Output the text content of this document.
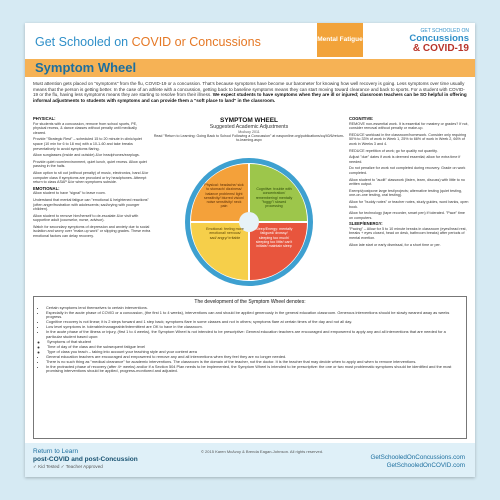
Get Schooled on COVID or Concussions	Mental Fatigue
GET SCHOOLED ON
Concussions
& COVID-19
Symptom Wheel
Must attention gets placed on "symptoms" from the flu, COVID-19 or a concussion. That's because symptoms have become our barometer for knowing how well recovery is going. Less symptoms over time usually means that the person is getting better. In the case of an athlete with a concussion, getting back to baseline symptoms means they can start moving toward clearance and back to sports. For a student with COVID-19 or the flu, having less symptoms means they are starting to resolve from their illness. We expect students to have symptoms when they are ill or injured; classroom teachers can be SO helpful in offering informal adjustments to students with symptoms and can provide them a "soft place to land" in the classroom.
PHYSICAL:
For students with a concussion, remove from school sports, PE, physical recess, & dance classes without penalty until medically cleared.
Provide "Strategic Rest" – scheduled 15 to 20 minute in clinic/quiet space (10 min for 6 to 18 mo) with a 10-1-60 and take breaks preventatively to avoid symptoms flaring.
Allow sunglasses (inside and outside) &/or headphones/earplugs.
Provide quiet room/environment, quiet lunch, quiet recess. Allow quiet passing in the halls.
Allow option to sit out (without penalty) of music, electronics, band &/or computer class if symptoms are provoked or try headphones. Attempt return to class ASAP &/or when symptoms subside.
EMOTIONAL:
Allow student to have "signal" to leave room.
Understand that mental fatigue can "emotional & heightened reactions" (often anger/frustration with adolescents; sad/crying with younger children).
Allow student to remove him/herself to de-escalate &/or visit with supportive adult (counselor, nurse, advisor).
Watch for secondary symptoms of depression and anxiety due to social isolation and worry over "make-up work" or slipping grades. These extra emotional factors can delay recovery.
SYMPTOM WHEEL
Suggested Academic Adjustments
McAvoy 2011
Read "Return to Learning: Going Back to School Following a Concussion" at nasponline.org/publications/cq/40/6/return-to-learning.aspx
Physical: headache/ sick to stomach/ dizziness/ balance problems/ light sensitivity/ blurred vision/ noise sensitivity/ neck pain
Cognitive: trouble with concentration/ remembering/ mentally "foggy"/ slowed processing
Emotional: feeling more emotional/ nervous/ sad/ angry/ irritable
Sleep/Energy: mentally fatigued/ drowsy/ sleeping too much/ sleeping too little/ can't initiate/ maintain sleep
COGNITIVE:
REMOVE non-essential work. It is essential for mastery or grades? If not, consider removal without penalty or make-up.
REDUCE workload in the classroom/homework. Consider only requiring 50% to 33% of work in Week 1, 25% to 66% of work in Week 2, 66% of work in Weeks 3 and 4.
REDUCE repetition of work; go for quality not quantity.
Adjust "due" dates if work is deemed essential; allow for extra time if needed.
Do not penalize for work not completed during recovery. Grade on work completed.
Allow student to "audit" classwork (listen, learn, discuss) with little to no written output.
Exempt/postpone large test/projects; alternative testing (quiet testing, one-on-one testing, oral testing).
Allow for "buddy notes" or teacher notes, study guides, word banks, open book.
Allow for technology (tape recorder, smart pen) if tolerated. "Pace" time on computers.
SLEEP/ENERGY:
"Pacing" – Allow for 5 to 10 minute breaks in classroom (eyes/head rest, breaks + eyes closed, head on desk, bathroom breaks) after periods of mental exertion.
Allow late start or early dismissal, for a short time or per.
The development of the Symptom Wheel denotes:
• Certain symptoms lend themselves to certain interventions.
• Especially in the acute phase of COVID or a concussion, (the first 1 to 4 weeks), interventions can and should be applied generously in the general education classroom. Generous interventions should be slowly weaned away as weeks progress.
• Cognitive recovery is not linear; it is 2 steps forward and 1 step back; symptoms flare in some classes and not in others; symptoms flare at certain times of the day and not all day.
• Low level symptoms ie. tolerable/manageable/intermittent are OK to have in the classroom.
• In the acute phase of the illness or injury, (first 1 to 4 weeks), the Symptom Wheel is not intended to be prescriptive: General education teachers are encouraged and empowered to apply any and all interventions that are needed for a particular student based upon:
◦ Symptoms of that student
◦ Time of day of the class and the subsequent fatigue level
◦ Type of class you teach – taking into account your teaching style and your content area
• General education teachers are encouraged and empowered to remove any and all interventions when they feel they are no longer needed.
• There is no such thing as "medical clearance" for academic interventions. The classroom is the domain of the teacher, not the doctor. It is the teacher that may decide when to apply and when to remove interventions.
• In the protracted phase of recovery (after 4+ weeks) and/or if a Section 504 Plan needs to be implemented, the Symptom Wheel is intended to be prescriptive: the one or two most problematic symptoms should be identified and the most promising interventions should be applied, progress-monitored and adjusted.
Return to Learn
post-COVID and post-Concussion
✓ Kid Tested ✓ Teacher Approved
© 2015 Karen McAvoy & Brenda Eagan-Johnson. All rights reserved.
GetSchooledOnConcussions.com
GetSchooledOnCOVID.com
